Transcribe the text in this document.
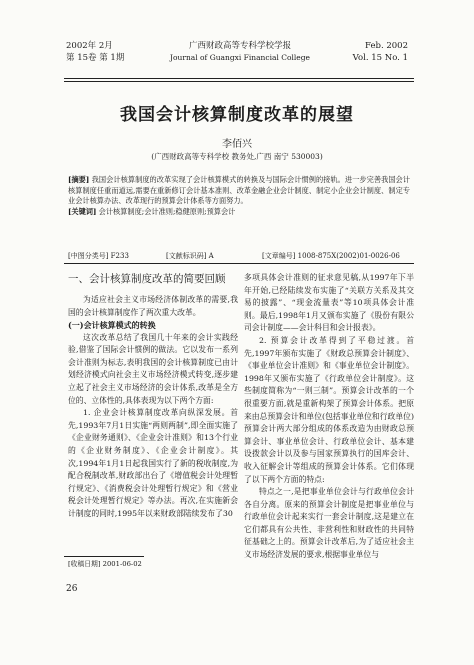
2002年 2月
第 15卷 第 1期
广西财政高等专科学校学报
Journal of Guangxi Financial College
Feb. 2002
Vol. 15 No. 1
我国会计核算制度改革的展望
李佰兴
(广西财政高等专科学校 教务处,广西 南宁 530003)
[摘要] 我国会计核算制度的改革实现了会计核算模式的转换及与国际会计惯例的接轨。进一步完善我国会计核算制度任重而道远,需要在重新修订会计基本准则、改革金融企业会计制度、制定小企业会计制度、制定专业会计核算办法、改革现行的预算会计体系等方面努力。
[关键词] 会计核算制度;会计准则;稳健原则;预算会计
[中图分类号] F233	[文献标识码] A	[文章编号] 1008-875X(2002)01-0026-06
一、会计核算制度改革的简要回顾

为适应社会主义市场经济体制改革的需要,我国的会计核算制度作了两次重大改革。

(一)会计核算模式的转换

这次改革总结了我国几十年来的会计实践经验,借鉴了国际会计惯例的做法。它以发布一系列会计准则为标志,表明我国的会计核算制度已由计划经济模式向社会主义市场经济模式转变,逐步建立起了社会主义市场经济的会计体系,改革是全方位的、立体性的,具体表现为以下两个方面:

1. 企业会计核算制度改革向纵深发展。首先,1993年7月1日实施“两则两制”,即全面实施了《企业财务通则》、《企业会计准则》和13个行业的《企业财务制度》、《企业会计制度》。其次,1994年1月1日起我国实行了新的税收制度,为配合税制改革,财政部出台了《增值税会计处理暂行规定》、《消费税会计处理暂行规定》和《营业税会计处理暂行规定》等办法。再次,在实施新会计制度的同时,1995年以来财政部陆续发布了30

多项具体会计准则的征求意见稿,从1997年下半年开始,已经陆续发布实施了“关联方关系及其交易的披露”、“现金流量表”等10项具体会计准则。最后,1998年1月又颁布实施了《股份有限公司会计制度——会计科目和会计报表》。

2. 预算会计改革得到了平稳过渡。首先,1997年颁布实施了《财政总预算会计制度》、《事业单位会计准则》和《事业单位会计制度》。1998年又颁布实施了《行政单位会计制度》。这些制度简称为“一则三制”。预算会计改革的一个很重要方面,就是重新构架了预算会计体系。把原来由总预算会计和单位(包括事业单位和行政单位)预算会计两大部分组成的体系改造为由财政总预算会计、事业单位会计、行政单位会计、基本建设拨款会计以及参与国家预算执行的国库会计、收入征解会计等组成的预算会计体系。它们体现了以下两个方面的特点:

特点之一,是把事业单位会计与行政单位会计各自分离。原来的预算会计制度是把事业单位与行政单位会计起来实行一套会计制度,这是建立在它们都具有公共性、非营利性和财政性的共同特征基础之上的。预算会计改革后,为了适应社会主义市场经济发展的要求,根据事业单位与

[收稿日期] 2001-06-02
26
